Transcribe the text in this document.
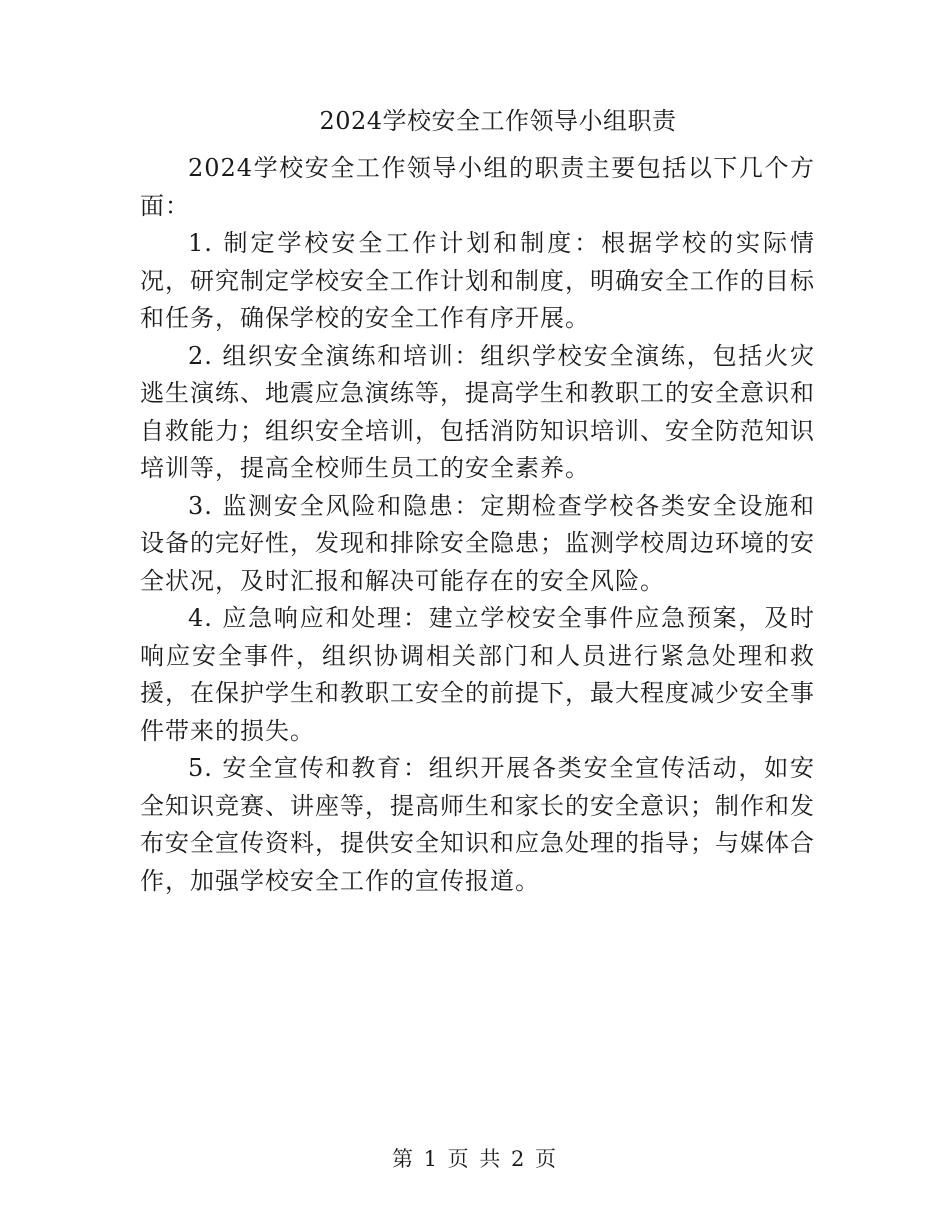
2024学校安全工作领导小组职责

2024学校安全工作领导小组的职责主要包括以下几个方面：

1. 制定学校安全工作计划和制度：根据学校的实际情况，研究制定学校安全工作计划和制度，明确安全工作的目标和任务，确保学校的安全工作有序开展。

2. 组织安全演练和培训：组织学校安全演练，包括火灾逃生演练、地震应急演练等，提高学生和教职工的安全意识和自救能力；组织安全培训，包括消防知识培训、安全防范知识培训等，提高全校师生员工的安全素养。

3. 监测安全风险和隐患：定期检查学校各类安全设施和设备的完好性，发现和排除安全隐患；监测学校周边环境的安全状况，及时汇报和解决可能存在的安全风险。

4. 应急响应和处理：建立学校安全事件应急预案，及时响应安全事件，组织协调相关部门和人员进行紧急处理和救援，在保护学生和教职工安全的前提下，最大程度减少安全事件带来的损失。

5. 安全宣传和教育：组织开展各类安全宣传活动，如安全知识竞赛、讲座等，提高师生和家长的安全意识；制作和发布安全宣传资料，提供安全知识和应急处理的指导；与媒体合作，加强学校安全工作的宣传报道。

第 1 页 共 2 页
